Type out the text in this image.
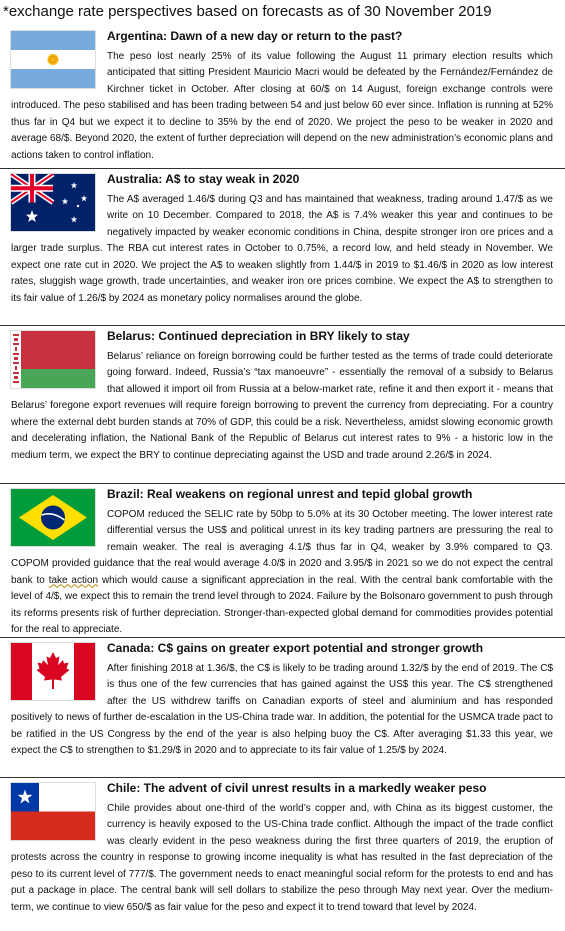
*exchange rate perspectives based on forecasts as of 30 November 2019
Argentina: Dawn of a new day or return to the past?The peso lost nearly 25% of its value following the August 11 primary election results which anticipated that sitting President Mauricio Macri would be defeated by the Fernández/Fernández de Kirchner ticket in October. After closing at 60/$ on 14 August, foreign exchange controls were introduced. The peso stabilised and has been trading between 54 and just below 60 ever since. Inflation is running at 52% thus far in Q4 but we expect it to decline to 35% by the end of 2020. We project the peso to be weaker in 2020 and average 68/$. Beyond 2020, the extent of further depreciation will depend on the new administration’s economic plans and actions taken to control inflation.
Australia: A$ to stay weak in 2020The A$ averaged 1.46/$ during Q3 and has maintained that weakness, trading around 1.47/$ as we write on 10 December. Compared to 2018, the A$ is 7.4% weaker this year and continues to be negatively impacted by weaker economic conditions in China, despite stronger iron ore prices and a larger trade surplus. The RBA cut interest rates in October to 0.75%, a record low, and held steady in November. We expect one rate cut in 2020. We project the A$ to weaken slightly from 1.44/$ in 2019 to $1.46/$ in 2020 as low interest rates, sluggish wage growth, trade uncertainties, and weaker iron ore prices combine. We expect the A$ to strengthen to its fair value of 1.26/$ by 2024 as monetary policy normalises around the globe.
Belarus: Continued depreciation in BRY likely to stayBelarus’ reliance on foreign borrowing could be further tested as the terms of trade could deteriorate going forward. Indeed, Russia’s “tax manoeuvre” - essentially the removal of a subsidy to Belarus that allowed it import oil from Russia at a below-market rate, refine it and then export it - means that Belarus’ foregone export revenues will require foreign borrowing to prevent the currency from depreciating. For a country where the external debt burden stands at 70% of GDP, this could be a risk. Nevertheless, amidst slowing economic growth and decelerating inflation, the National Bank of the Republic of Belarus cut interest rates to 9% - a historic low in the medium term, we expect the BRY to continue depreciating against the USD and trade around 2.26/$ in 2024.
Brazil: Real weakens on regional unrest and tepid global growthCOPOM reduced the SELIC rate by 50bp to 5.0% at its 30 October meeting. The lower interest rate differential versus the US$ and political unrest in its key trading partners are pressuring the real to remain weaker. The real is averaging 4.1/$ thus far in Q4, weaker by 3.9% compared to Q3. COPOM provided guidance that the real would average 4.0/$ in 2020 and 3.95/$ in 2021 so we do not expect the central bank to take action which would cause a significant appreciation in the real. With the central bank comfortable with the level of 4/$, we expect this to remain the trend level through to 2024. Failure by the Bolsonaro government to push through its reforms presents risk of further depreciation. Stronger-than-expected global demand for commodities provides potential for the real to appreciate.
Canada: C$ gains on greater export potential and stronger growthAfter finishing 2018 at 1.36/$, the C$ is likely to be trading around 1.32/$ by the end of 2019. The C$ is thus one of the few currencies that has gained against the US$ this year. The C$ strengthened after the US withdrew tariffs on Canadian exports of steel and aluminium and has responded positively to news of further de-escalation in the US-China trade war. In addition, the potential for the USMCA trade pact to be ratified in the US Congress by the end of the year is also helping buoy the C$. After averaging $1.33 this year, we expect the C$ to strengthen to $1.29/$ in 2020 and to appreciate to its fair value of 1.25/$ by 2024.
Chile: The advent of civil unrest results in a markedly weaker pesoChile provides about one-third of the world’s copper and, with China as its biggest customer, the currency is heavily exposed to the US-China trade conflict. Although the impact of the trade conflict was clearly evident in the peso weakness during the first three quarters of 2019, the eruption of protests across the country in response to growing income inequality is what has resulted in the fast depreciation of the peso to its current level of 777/$. The government needs to enact meaningful social reform for the protests to end and has put a package in place. The central bank will sell dollars to stabilize the peso through May next year. Over the medium-term, we continue to view 650/$ as fair value for the peso and expect it to trend toward that level by 2024.
